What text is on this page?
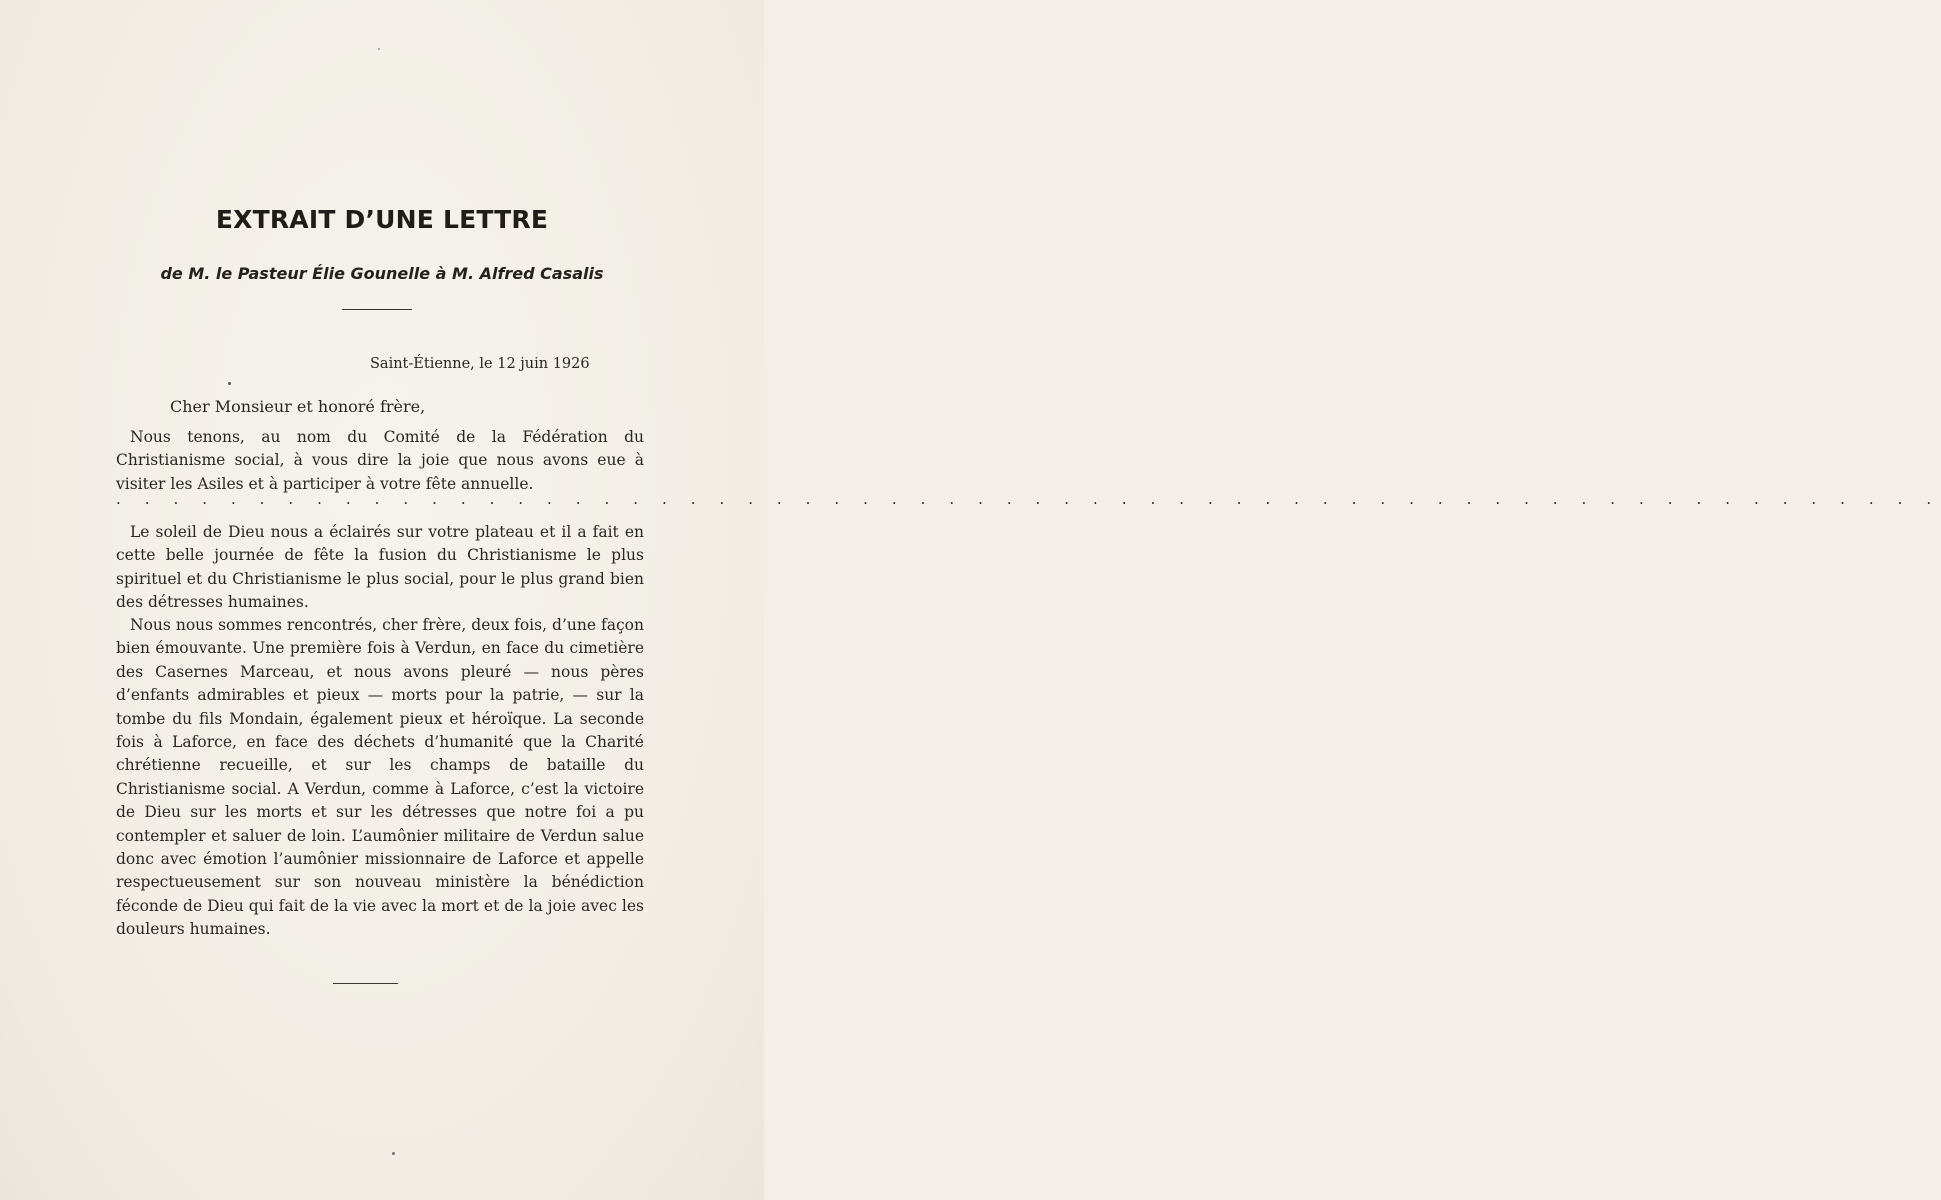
EXTRAIT D’UNE LETTRE
de M. le Pasteur Élie Gounelle à M. Alfred Casalis
Saint-Étienne, le 12 juin 1926
Cher Monsieur et honoré frère,

Nous tenons, au nom du Comité de la Fédération du Christianisme social, à vous dire la joie que nous avons eue à visiter les Asiles et à participer à votre fête annuelle.

. . . . . . . . . . . . . . . . . . . . . . . . . . . . . . . . . . . . . . . . . . . . . . . . . . . . . . . . . . . . . . . .

Le soleil de Dieu nous a éclairés sur votre plateau et il a fait en cette belle journée de fête la fusion du Christianisme le plus spirituel et du Christianisme le plus social, pour le plus grand bien des détresses humaines.

Nous nous sommes rencontrés, cher frère, deux fois, d’une façon bien émouvante. Une première fois à Verdun, en face du cimetière des Casernes Marceau, et nous avons pleuré — nous pères d’enfants admirables et pieux — morts pour la patrie, — sur la tombe du fils Mondain, également pieux et héroïque. La seconde fois à Laforce, en face des déchets d’humanité que la Charité chrétienne recueille, et sur les champs de bataille du Christianisme social. A Verdun, comme à Laforce, c’est la victoire de Dieu sur les morts et sur les détresses que notre foi a pu contempler et saluer de loin. L’aumônier militaire de Verdun salue donc avec émotion l’aumônier missionnaire de Laforce et appelle respectueusement sur son nouveau ministère la bénédiction féconde de Dieu qui fait de la vie avec la mort et de la joie avec les douleurs humaines.
